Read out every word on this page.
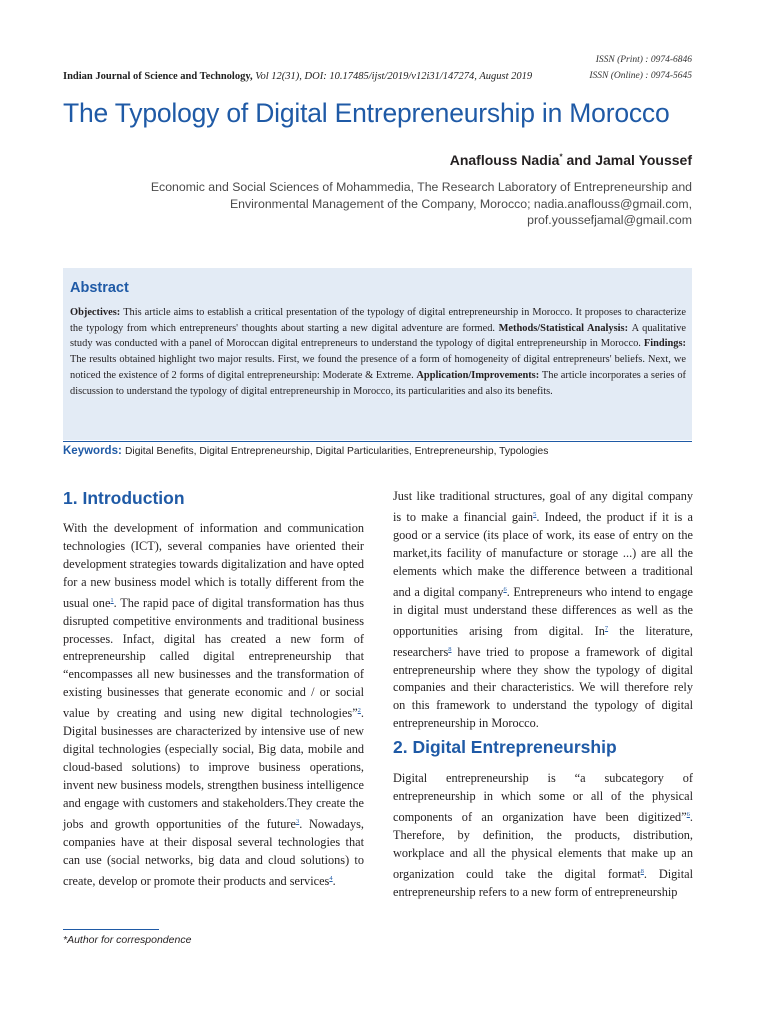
ISSN (Print) : 0974-6846
ISSN (Online) : 0974-5645
Indian Journal of Science and Technology, Vol 12(31), DOI: 10.17485/ijst/2019/v12i31/147274, August 2019
The Typology of Digital Entrepreneurship in Morocco
Anaflouss Nadia* and Jamal Youssef
Economic and Social Sciences of Mohammedia, The Research Laboratory of Entrepreneurship and
Environmental Management of the Company, Morocco; nadia.anaflouss@gmail.com,
prof.youssefjamal@gmail.com
Abstract
Objectives: This article aims to establish a critical presentation of the typology of digital entrepreneurship in Morocco. It proposes to characterize the typology from which entrepreneurs' thoughts about starting a new digital adventure are formed. Methods/Statistical Analysis: A qualitative study was conducted with a panel of Moroccan digital entrepreneurs to understand the typology of digital entrepreneurship in Morocco. Findings: The results obtained highlight two major results. First, we found the presence of a form of homogeneity of digital entrepreneurs' beliefs. Next, we noticed the existence of 2 forms of digital entrepreneurship: Moderate & Extreme. Application/Improvements: The article incorporates a series of discussion to understand the typology of digital entrepreneurship in Morocco, its particularities and also its benefits.
Keywords: Digital Benefits, Digital Entrepreneurship, Digital Particularities, Entrepreneurship, Typologies
1. Introduction
With the development of information and communication technologies (ICT), several companies have oriented their development strategies towards digitalization and have opted for a new business model which is totally different from the usual one$^1$. The rapid pace of digital transformation has thus disrupted competitive environments and traditional business processes. Infact, digital has created a new form of entrepreneurship called digital entrepreneurship that “encompasses all new businesses and the transformation of existing businesses that generate economic and / or social value by creating and using new digital technologies”$^2$. Digital businesses are characterized by intensive use of new digital technologies (especially social, Big data, mobile and cloud-based solutions) to improve business operations, invent new business models, strengthen business intelligence and engage with customers and stakeholders.They create the jobs and growth opportunities of the future$^3$. Nowadays, companies have at their disposal several technologies that can use (social networks, big data and cloud solutions) to create, develop or promote their products and services$^4$.
Just like traditional structures, goal of any digital company is to make a financial gain$^5$. Indeed, the product if it is a good or a service (its place of work, its ease of entry on the market,its facility of manufacture or storage ...) are all the elements which make the difference between a traditional and a digital company$^6$. Entrepreneurs who intend to engage in digital must understand these differences as well as the opportunities arising from digital. In$^7$ the literature, researchers$^8$ have tried to propose a framework of digital entrepreneurship where they show the typology of digital companies and their characteristics. We will therefore rely on this framework to understand the typology of digital entrepreneurship in Morocco.
2. Digital Entrepreneurship
Digital entrepreneurship is “a subcategory of entrepreneurship in which some or all of the physical components of an organization have been digitized”$^6$. Therefore, by definition, the products, distribution, workplace and all the physical elements that make up an organization could take the digital format$^8$. Digital entrepreneurship refers to a new form of entrepreneurship
*Author for correspondence
